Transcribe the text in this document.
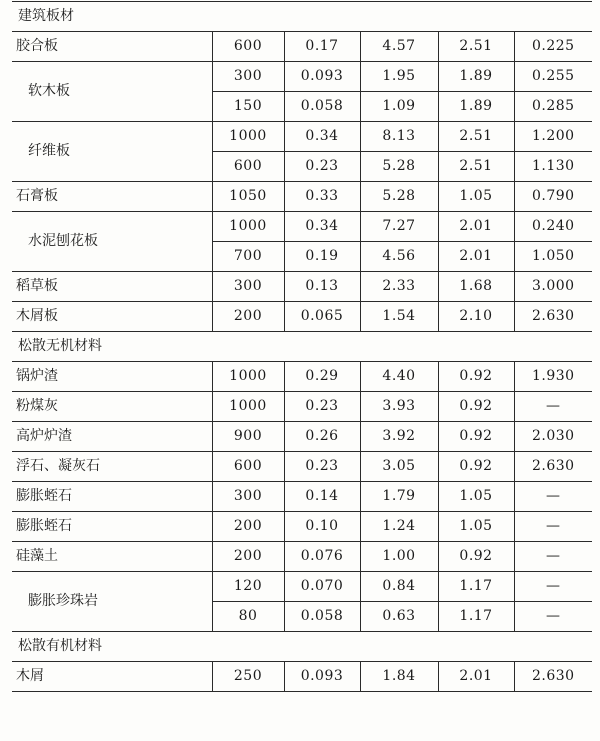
建筑板材					
胶合板	600	0.17	4.57	2.51	0.225
软木板	300	0.093	1.95	1.89	0.255
	150	0.058	1.09	1.89	0.285
纤维板	1000	0.34	8.13	2.51	1.200
	600	0.23	5.28	2.51	1.130
石膏板	1050	0.33	5.28	1.05	0.790
水泥刨花板	1000	0.34	7.27	2.01	0.240
	700	0.19	4.56	2.01	1.050
稻草板	300	0.13	2.33	1.68	3.000
木屑板	200	0.065	1.54	2.10	2.630
松散无机材料					
锅炉渣	1000	0.29	4.40	0.92	1.930
粉煤灰	1000	0.23	3.93	0.92	—
高炉炉渣	900	0.26	3.92	0.92	2.030
浮石、凝灰石	600	0.23	3.05	0.92	2.630
膨胀蛭石	300	0.14	1.79	1.05	—
膨胀蛭石	200	0.10	1.24	1.05	—
硅藻土	200	0.076	1.00	0.92	—
膨胀珍珠岩	120	0.070	0.84	1.17	—
	80	0.058	0.63	1.17	—
松散有机材料					
木屑	250	0.093	1.84	2.01	2.630
